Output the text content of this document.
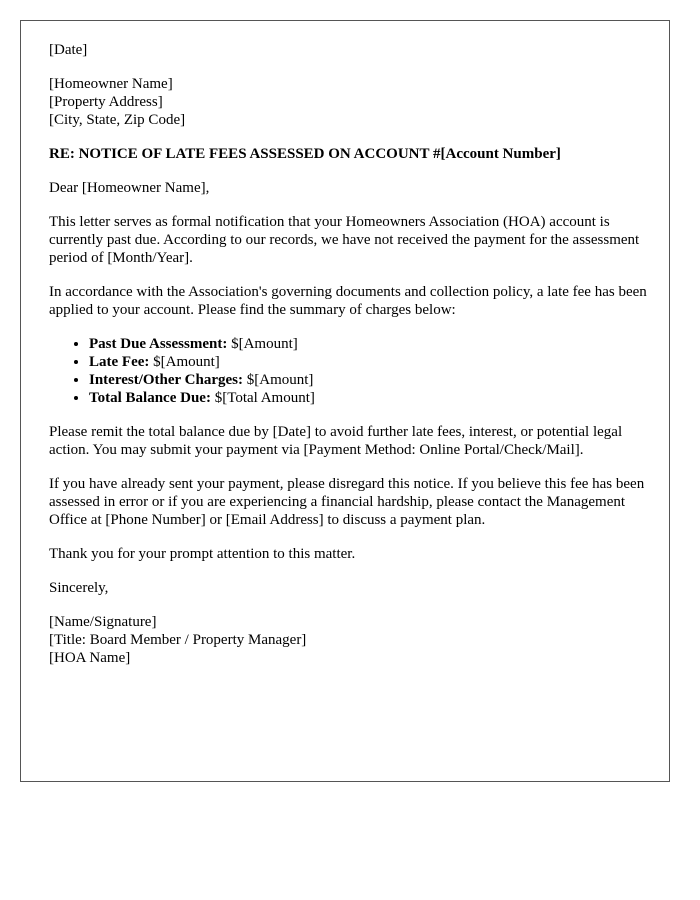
[Date]
[Homeowner Name]
[Property Address]
[City, State, Zip Code]
RE: NOTICE OF LATE FEES ASSESSED ON ACCOUNT #[Account Number]

Dear [Homeowner Name],

This letter serves as formal notification that your Homeowners Association (HOA) account is currently past due. According to our records, we have not received the payment for the assessment period of [Month/Year].

In accordance with the Association's governing documents and collection policy, a late fee has been applied to your account. Please find the summary of charges below:

• Past Due Assessment: $[Amount]
• Late Fee: $[Amount]
• Interest/Other Charges: $[Amount]
• Total Balance Due: $[Total Amount]

Please remit the total balance due by [Date] to avoid further late fees, interest, or potential legal action. You may submit your payment via [Payment Method: Online Portal/Check/Mail].

If you have already sent your payment, please disregard this notice. If you believe this fee has been assessed in error or if you are experiencing a financial hardship, please contact the Management Office at [Phone Number] or [Email Address] to discuss a payment plan.

Thank you for your prompt attention to this matter.

Sincerely,

[Name/Signature]
[Title: Board Member / Property Manager]
[HOA Name]
